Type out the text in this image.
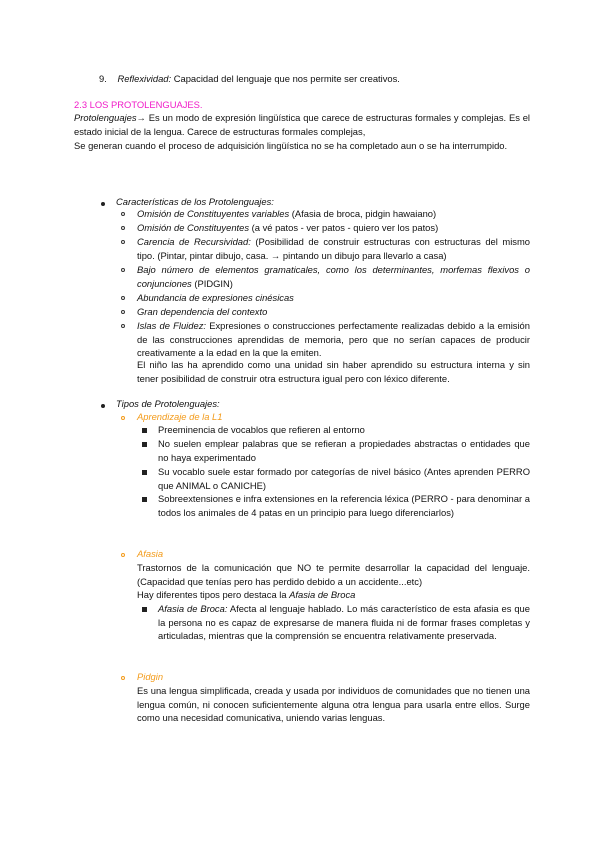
9. Reflexividad: Capacidad del lenguaje que nos permite ser creativos.
2.3 LOS PROTOLENGUAJES.
Protolenguajes→ Es un modo de expresión lingüística que carece de estructuras formales y complejas. Es el estado inicial de la lengua. Carece de estructuras formales complejas,
Se generan cuando el proceso de adquisición lingüística no se ha completado aun o se ha interrumpido.
Características de los Protolenguajes:
Omisión de Constituyentes variables (Afasia de broca, pidgin hawaiano)
Omisión de Constituyentes (a vé patos - ver patos - quiero ver los patos)
Carencia de Recursividad: (Posibilidad de construir estructuras con estructuras del mismo tipo. (Pintar, pintar dibujo, casa. → pintando un dibujo para llevarlo a casa)
Bajo número de elementos gramaticales, como los determinantes, morfemas flexivos o conjunciones (PIDGIN)
Abundancia de expresiones cinésicas
Gran dependencia del contexto
Islas de Fluidez: Expresiones o construcciones perfectamente realizadas debido a la emisión de las construcciones aprendidas de memoria, pero que no serían capaces de producir creativamente a la edad en la que la emiten.
El niño las ha aprendido como una unidad sin haber aprendido su estructura interna y sin tener posibilidad de construir otra estructura igual pero con léxico diferente.
Tipos de Protolenguajes:
Aprendizaje de la L1
Preeminencia de vocablos que refieren al entorno
No suelen emplear palabras que se refieran a propiedades abstractas o entidades que no haya experimentado
Su vocablo suele estar formado por categorías de nivel básico (Antes aprenden PERRO que ANIMAL o CANICHE)
Sobreextensiones e infra extensiones en la referencia léxica (PERRO - para denominar a todos los animales de 4 patas en un principio para luego diferenciarlos)
Afasia
Trastornos de la comunicación que NO te permite desarrollar la capacidad del lenguaje. (Capacidad que tenías pero has perdido debido a un accidente...etc)
Hay diferentes tipos pero destaca la Afasia de Broca
Afasia de Broca: Afecta al lenguaje hablado. Lo más característico de esta afasia es que la persona no es capaz de expresarse de manera fluida ni de formar frases completas y articuladas, mientras que la comprensión se encuentra relativamente preservada.
Pidgin
Es una lengua simplificada, creada y usada por individuos de comunidades que no tienen una lengua común, ni conocen suficientemente alguna otra lengua para usarla entre ellos. Surge como una necesidad comunicativa, uniendo varias lenguas.
